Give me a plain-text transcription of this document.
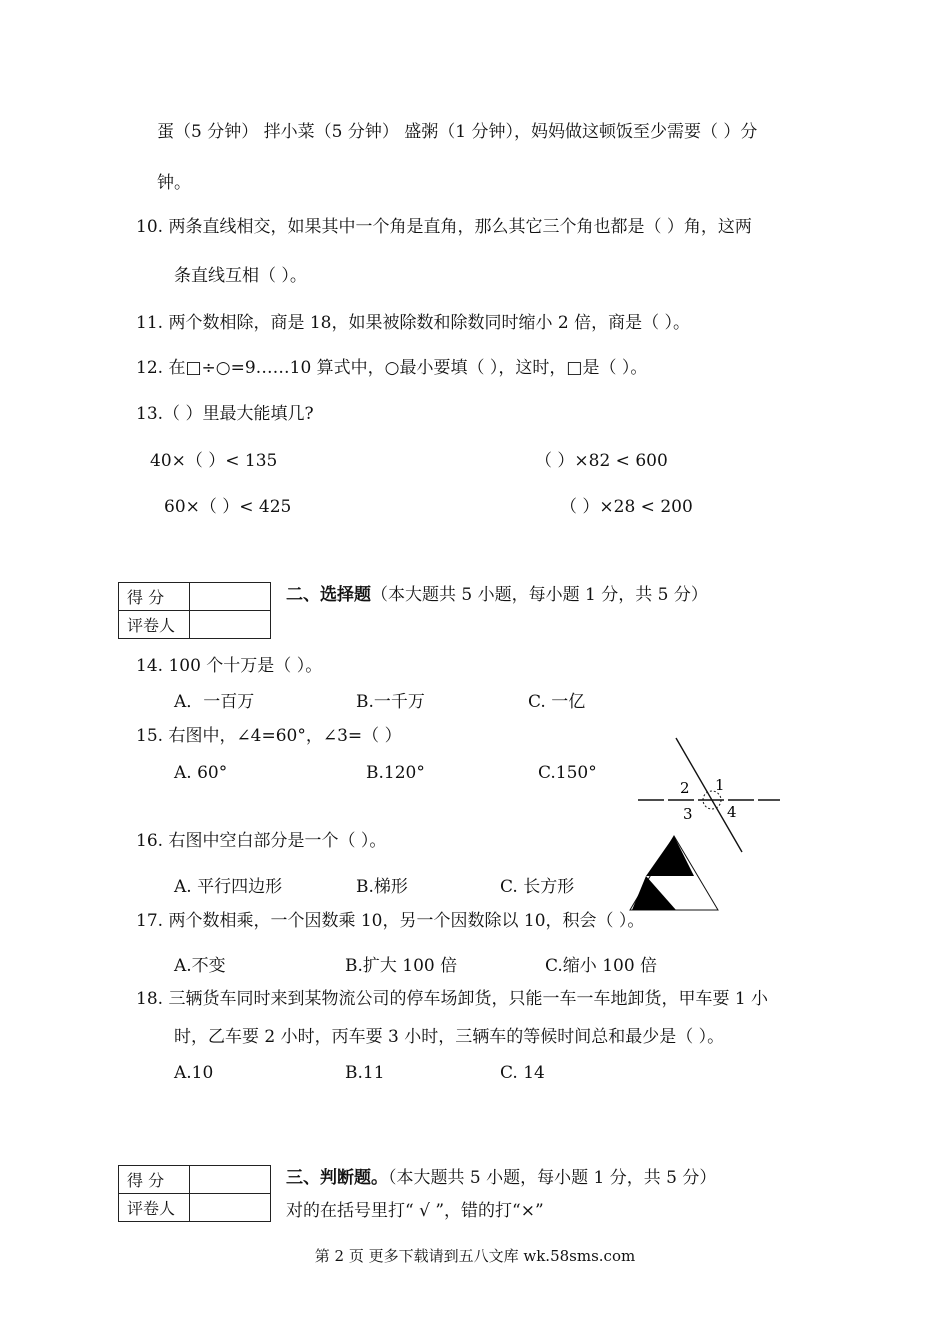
蛋（5 分钟） 拌小菜（5 分钟） 盛粥（1 分钟），妈妈做这顿饭至少需要（ ）分
钟。
10. 两条直线相交，如果其中一个角是直角，那么其它三个角也都是（ ）角，这两
条直线互相（ ）。
11. 两个数相除，商是 18，如果被除数和除数同时缩小 2 倍，商是（ ）。
12. 在□÷○=9……10 算式中，○最小要填（ ），这时，□是（ ）。
13.（ ）里最大能填几?
40×（ ）< 135	（ ）×82 < 600
60×（ ）< 425	（ ）×28 < 200
得 分	
评卷人	
二、选择题（本大题共 5 小题，每小题 1 分，共 5 分）
14. 100 个十万是（ ）。
A．一百万	B.一千万	C. 一亿
15. 右图中，∠4=60°，∠3=（ ）
A. 60°	B.120°	C.150°
1
2
3 4
16. 右图中空白部分是一个（ ）。
A. 平行四边形	B.梯形	C. 长方形
17. 两个数相乘，一个因数乘 10，另一个因数除以 10，积会（ ）。
A.不变	B.扩大 100 倍	C.缩小 100 倍
18. 三辆货车同时来到某物流公司的停车场卸货，只能一车一车地卸货，甲车要 1 小
时，乙车要 2 小时，丙车要 3 小时，三辆车的等候时间总和最少是（ ）。
A.10	B.11	C. 14
得 分	
评卷人	
三、判断题。（本大题共 5 小题，每小题 1 分，共 5 分）
对的在括号里打“ √ ”，错的打“×”
第 2 页 更多下载请到五八文库 wk.58sms.com
